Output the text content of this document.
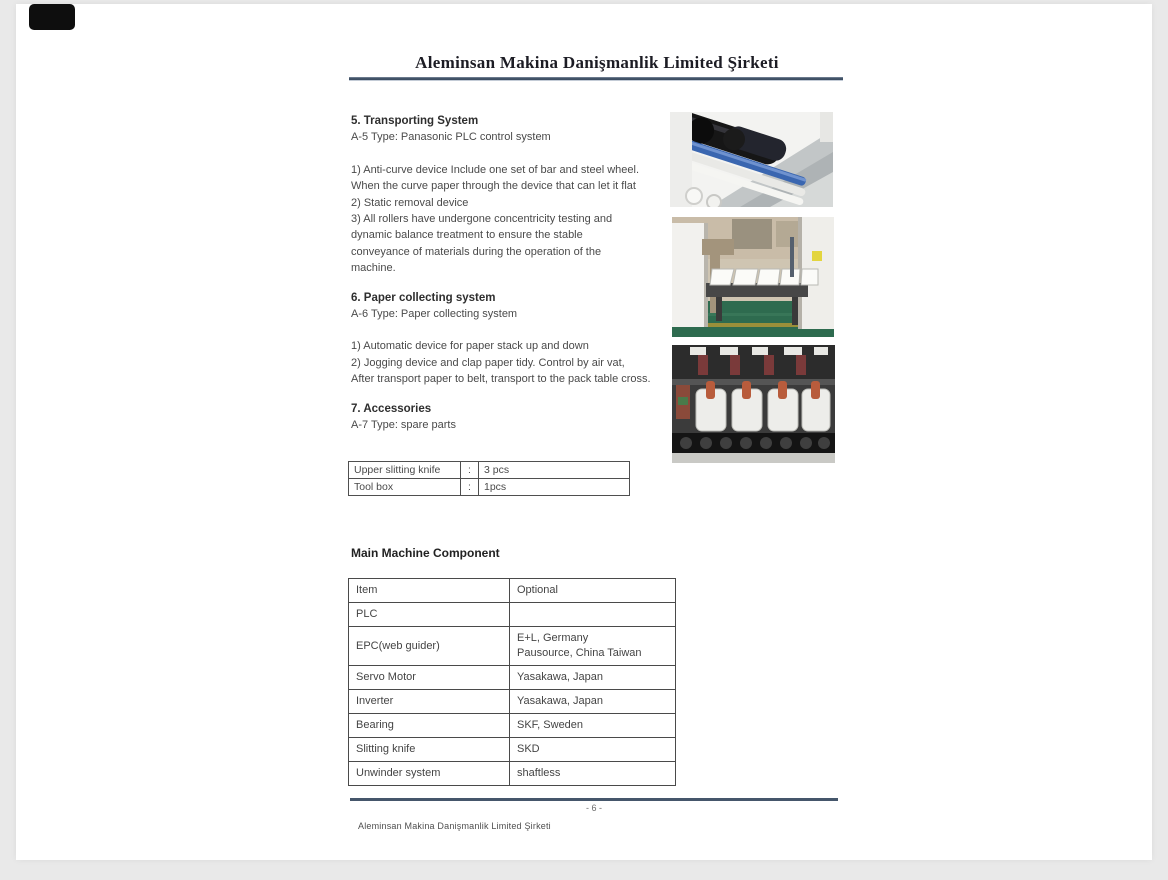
Aleminsan Makina Danişmanlik Limited Şirketi
5. Transporting System
A-5 Type: Panasonic PLC control system
1) Anti-curve device Include one set of bar and steel wheel.
When the curve paper through the device that can let it flat
2) Static removal device
3) All rollers have undergone concentricity testing and
dynamic balance treatment to ensure the stable
conveyance of materials during the operation of the
machine.
6. Paper collecting system
A-6 Type: Paper collecting system
1) Automatic device for paper stack up and down
2) Jogging device and clap paper tidy. Control by air vat,
After transport paper to belt, transport to the pack table cross.
7. Accessories
A-7 Type: spare parts
Upper slitting knife	:	3 pcs
Tool box	:	1pcs
Main Machine Component
Item	Optional
PLC	
EPC(web guider)	E+L, Germany
Pausource, China Taiwan

Servo Motor	Yasakawa, Japan

Inverter	Yasakawa, Japan

Bearing	SKF, Sweden

Slitting knife	SKD

Unwinder system	shaftless
- 6 -
Aleminsan Makina Danişmanlik Limited Şirketi
